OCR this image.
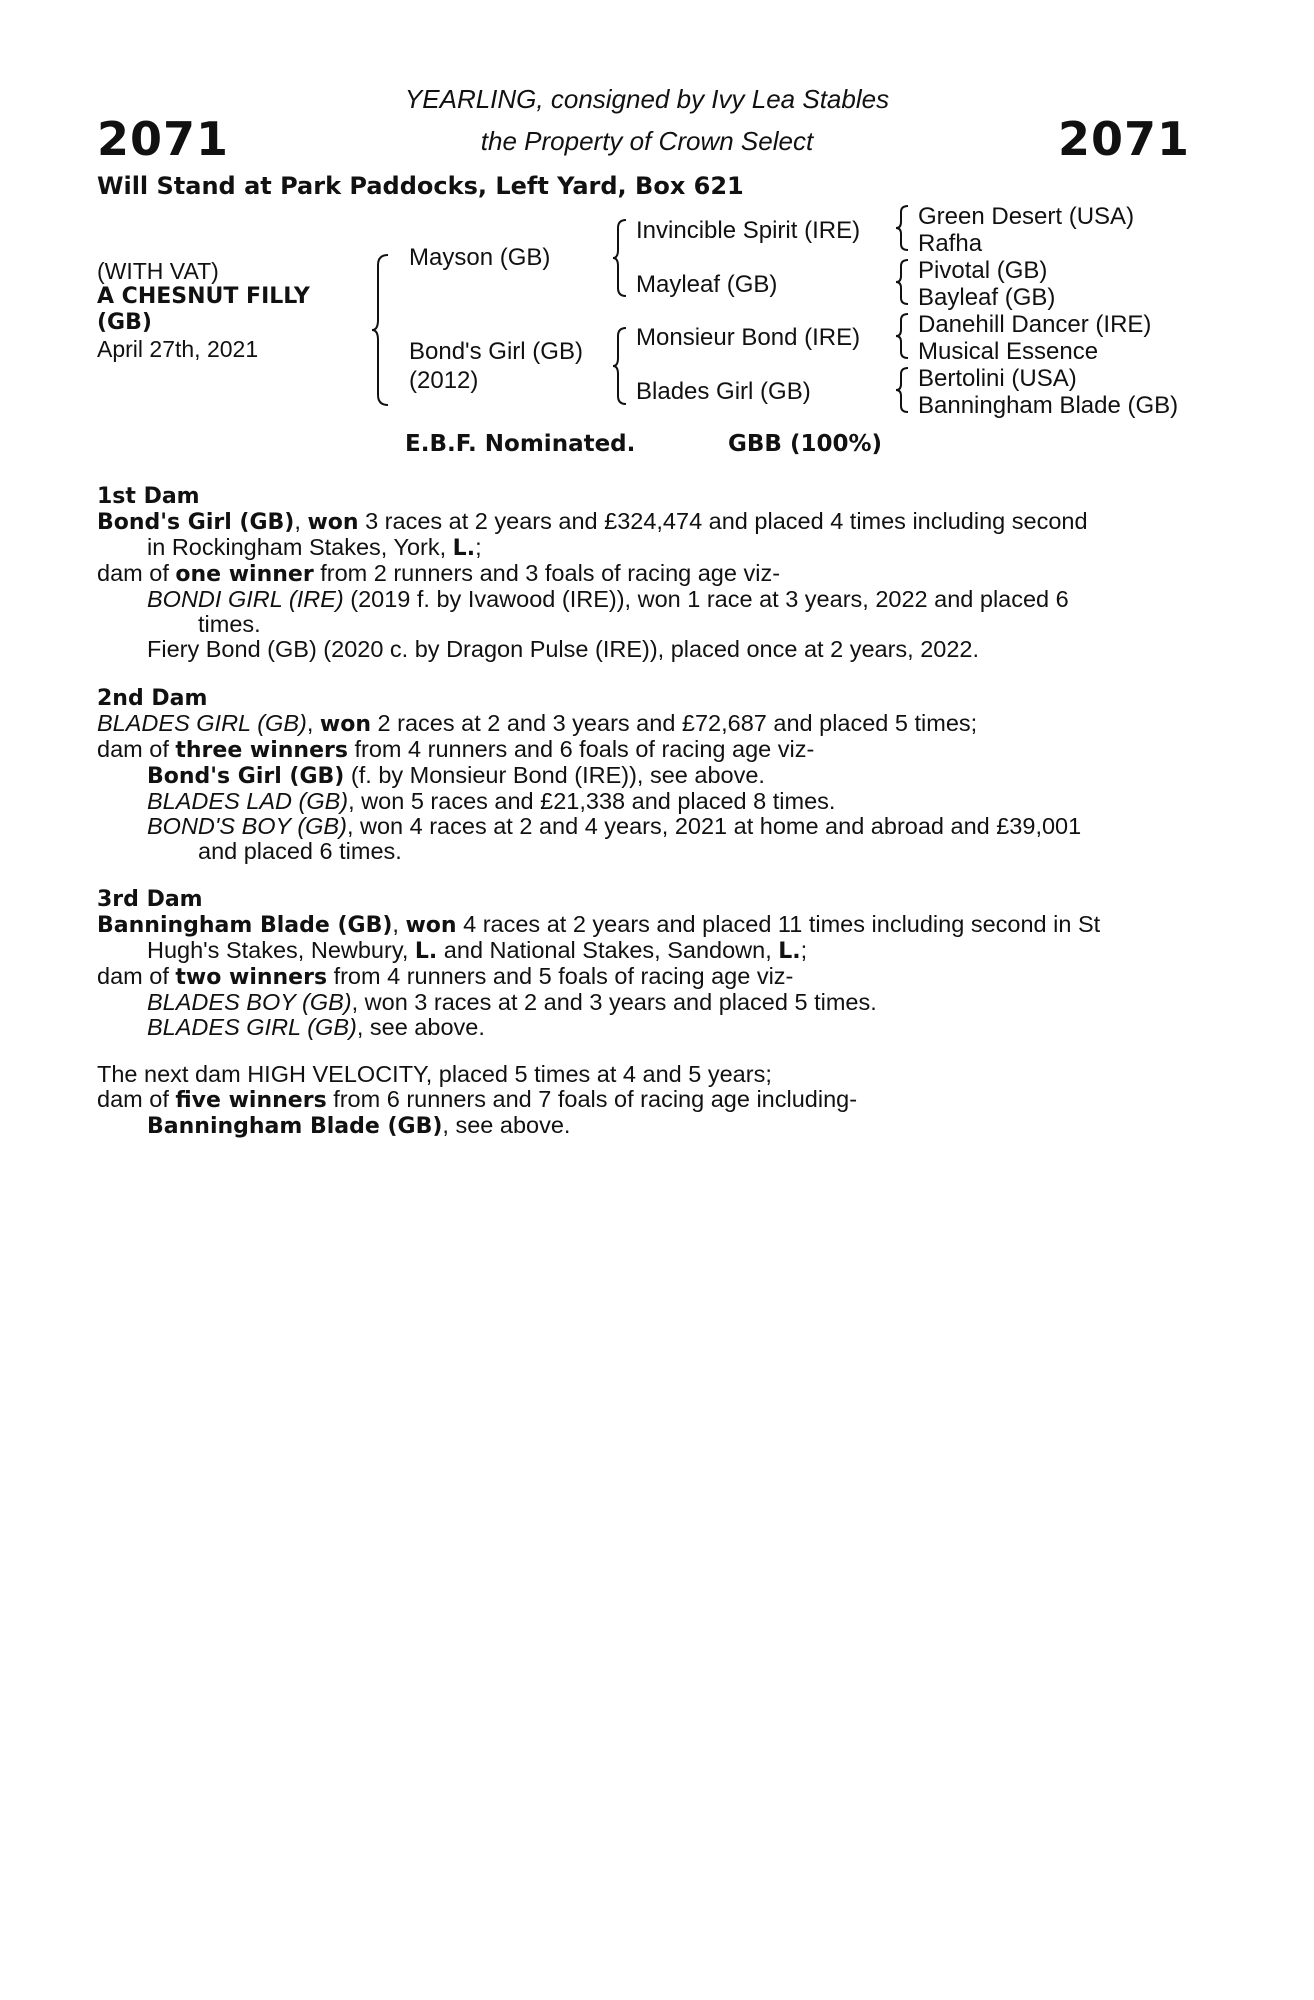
2071	2071
YEARLING, consigned by Ivy Lea Stables
the Property of Crown Select
Will Stand at Park Paddocks, Left Yard, Box 621
(WITH VAT)
A CHESNUT FILLY
(GB)
April 27th, 2021
Mayson (GB)
Bond's Girl (GB)
(2012)
Invincible Spirit (IRE)
Mayleaf (GB)
Monsieur Bond (IRE)
Blades Girl (GB)
Green Desert (USA)
Rafha
Pivotal (GB)
Bayleaf (GB)
Danehill Dancer (IRE)
Musical Essence
Bertolini (USA)
Banningham Blade (GB)
E.B.F. Nominated.	GBB (100%)
1st Dam
Bond's Girl (GB), won 3 races at 2 years and £324,474 and placed 4 times including second
in Rockingham Stakes, York, L.;
dam of one winner from 2 runners and 3 foals of racing age viz-
BONDI GIRL (IRE) (2019 f. by Ivawood (IRE)), won 1 race at 3 years, 2022 and placed 6
times.
Fiery Bond (GB) (2020 c. by Dragon Pulse (IRE)), placed once at 2 years, 2022.
2nd Dam
BLADES GIRL (GB), won 2 races at 2 and 3 years and £72,687 and placed 5 times;
dam of three winners from 4 runners and 6 foals of racing age viz-
Bond's Girl (GB) (f. by Monsieur Bond (IRE)), see above.
BLADES LAD (GB), won 5 races and £21,338 and placed 8 times.
BOND'S BOY (GB), won 4 races at 2 and 4 years, 2021 at home and abroad and £39,001
and placed 6 times.
3rd Dam
Banningham Blade (GB), won 4 races at 2 years and placed 11 times including second in St
Hugh's Stakes, Newbury, L. and National Stakes, Sandown, L.;
dam of two winners from 4 runners and 5 foals of racing age viz-
BLADES BOY (GB), won 3 races at 2 and 3 years and placed 5 times.
BLADES GIRL (GB), see above.
The next dam HIGH VELOCITY, placed 5 times at 4 and 5 years;
dam of five winners from 6 runners and 7 foals of racing age including-
Banningham Blade (GB), see above.
